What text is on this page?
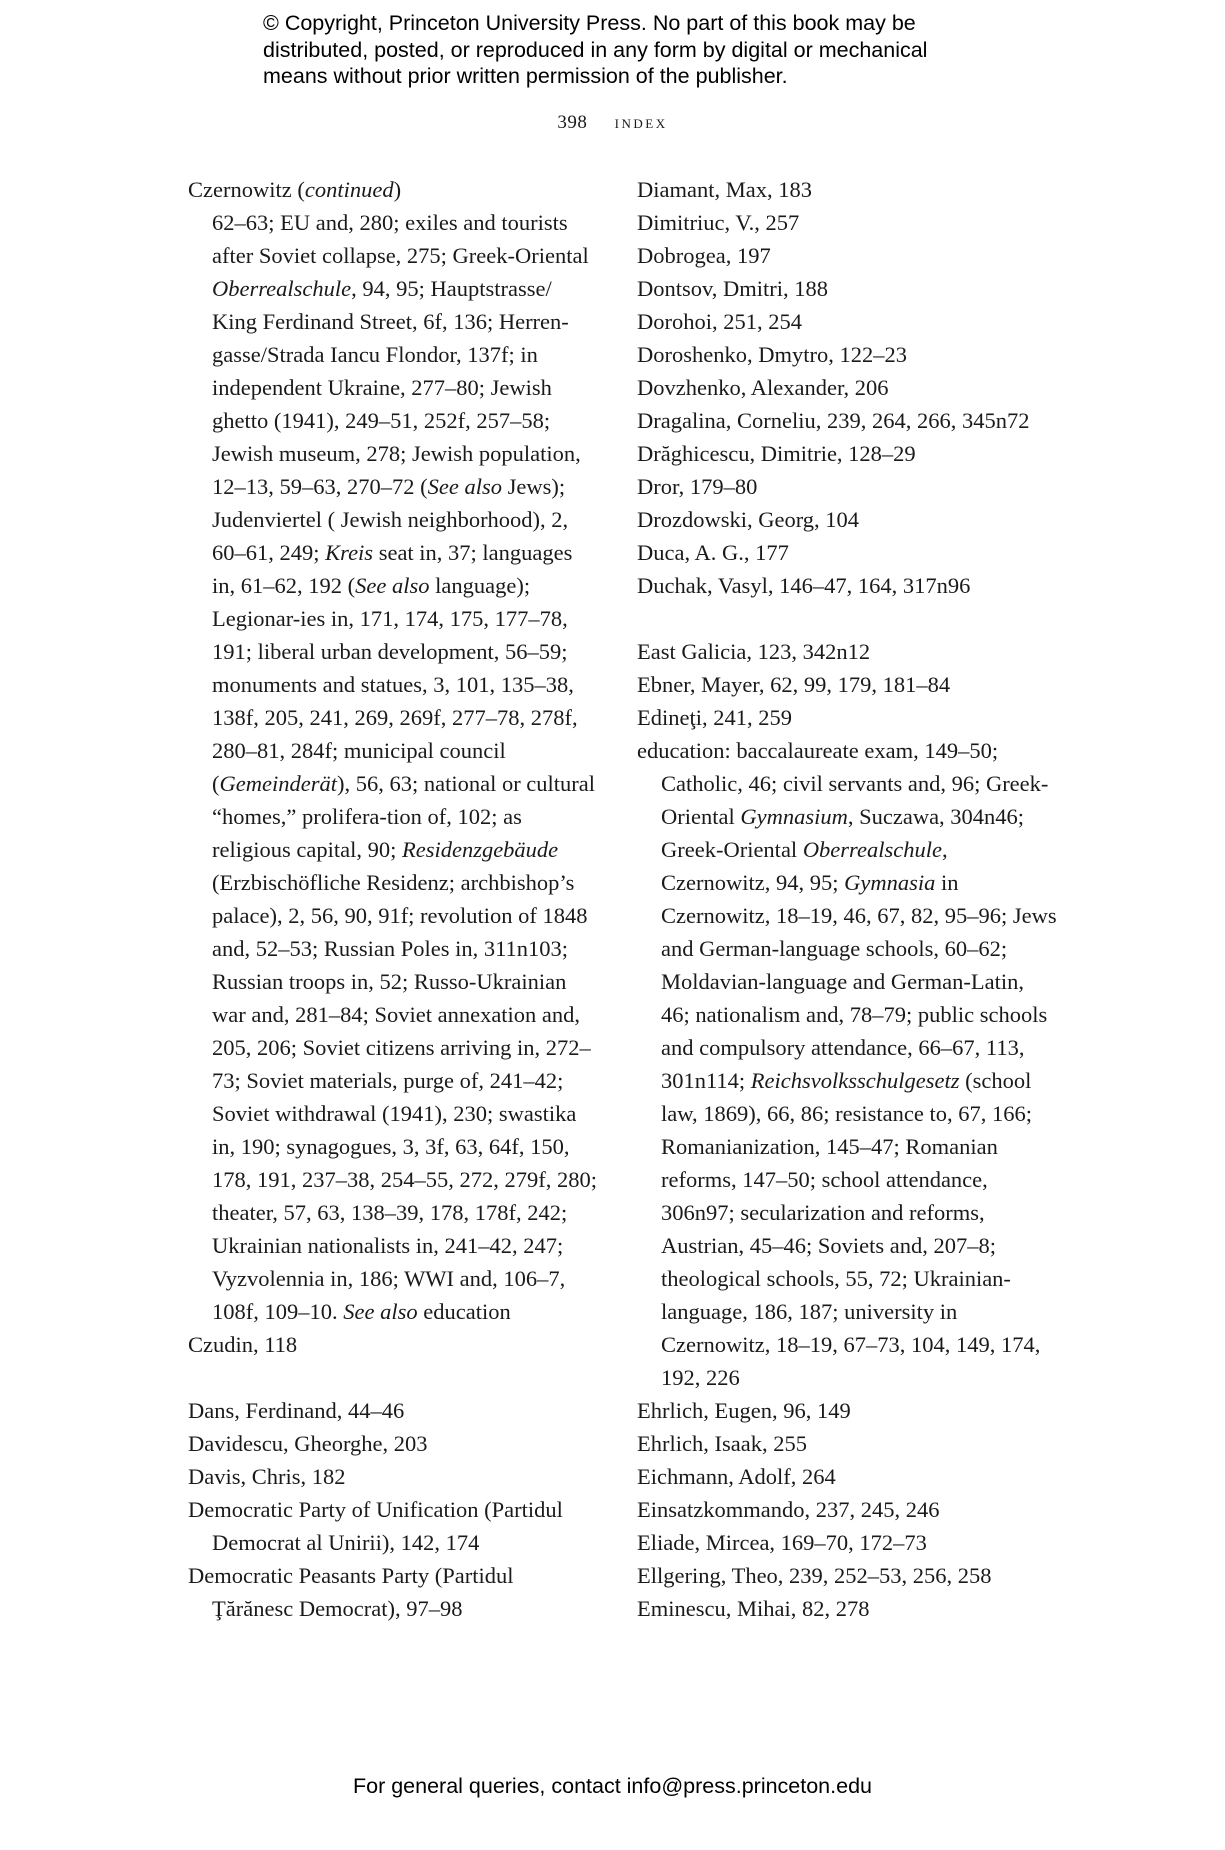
© Copyright, Princeton University Press. No part of this book may be
distributed, posted, or reproduced in any form by digital or mechanical
means without prior written permission of the publisher.
398 index
Czernowitz (continued)
62–63; EU and, 280; exiles and tourists after Soviet collapse, 275; Greek-Oriental Oberrealschule, 94, 95; Hauptstrasse/ King Ferdinand Street, 6f, 136; Herren-gasse/Strada Iancu Flondor, 137f; in independent Ukraine, 277–80; Jewish ghetto (1941), 249–51, 252f, 257–58; Jewish museum, 278; Jewish population, 12–13, 59–63, 270–72 (See also Jews); Judenviertel ( Jewish neighborhood), 2, 60–61, 249; Kreis seat in, 37; languages in, 61–62, 192 (See also language); Legionar-ies in, 171, 174, 175, 177–78, 191; liberal urban development, 56–59; monuments and statues, 3, 101, 135–38, 138f, 205, 241, 269, 269f, 277–78, 278f, 280–81, 284f; municipal council (Gemeinderät), 56, 63; national or cultural “homes,” prolifera-tion of, 102; as religious capital, 90; Residenzgebäude (Erzbischöfliche Residenz; archbishop’s palace), 2, 56, 90, 91f; revolution of 1848 and, 52–53; Russian Poles in, 311n103; Russian troops in, 52; Russo-Ukrainian war and, 281–84; Soviet annexation and, 205, 206; Soviet citizens arriving in, 272–73; Soviet materials, purge of, 241–42; Soviet withdrawal (1941), 230; swastika in, 190; synagogues, 3, 3f, 63, 64f, 150, 178, 191, 237–38, 254–55, 272, 279f, 280; theater, 57, 63, 138–39, 178, 178f, 242; Ukrainian nationalists in, 241–42, 247; Vyzvolennia in, 186; WWI and, 106–7, 108f, 109–10. See also education
Czudin, 118
Dans, Ferdinand, 44–46
Davidescu, Gheorghe, 203
Davis, Chris, 182
Democratic Party of Unification (Partidul Democrat al Unirii), 142, 174
Democratic Peasants Party (Partidul Ţărănesc Democrat), 97–98
Diamant, Max, 183
Dimitriuc, V., 257
Dobrogea, 197
Dontsov, Dmitri, 188
Dorohoi, 251, 254
Doroshenko, Dmytro, 122–23
Dovzhenko, Alexander, 206
Dragalina, Corneliu, 239, 264, 266, 345n72
Drăghicescu, Dimitrie, 128–29
Dror, 179–80
Drozdowski, Georg, 104
Duca, A. G., 177
Duchak, Vasyl, 146–47, 164, 317n96
East Galicia, 123, 342n12
Ebner, Mayer, 62, 99, 179, 181–84
Edineţi, 241, 259
education: baccalaureate exam, 149–50;
Catholic, 46; civil servants and, 96; Greek-Oriental Gymnasium, Suczawa, 304n46; Greek-Oriental Oberrealschule, Czernowitz, 94, 95; Gymnasia in Czernowitz, 18–19, 46, 67, 82, 95–96; Jews and German-language schools, 60–62; Moldavian-language and German-Latin, 46; nationalism and, 78–79; public schools and compulsory attendance, 66–67, 113, 301n114; Reichsvolksschulgesetz (school law, 1869), 66, 86; resistance to, 67, 166; Romanianization, 145–47; Romanian reforms, 147–50; school attendance, 306n97; secularization and reforms, Austrian, 45–46; Soviets and, 207–8; theological schools, 55, 72; Ukrainian-language, 186, 187; university in Czernowitz, 18–19, 67–73, 104, 149, 174, 192, 226
Ehrlich, Eugen, 96, 149
Ehrlich, Isaak, 255
Eichmann, Adolf, 264
Einsatzkommando, 237, 245, 246
Eliade, Mircea, 169–70, 172–73
Ellgering, Theo, 239, 252–53, 256, 258
Eminescu, Mihai, 82, 278
For general queries, contact info@press.princeton.edu
